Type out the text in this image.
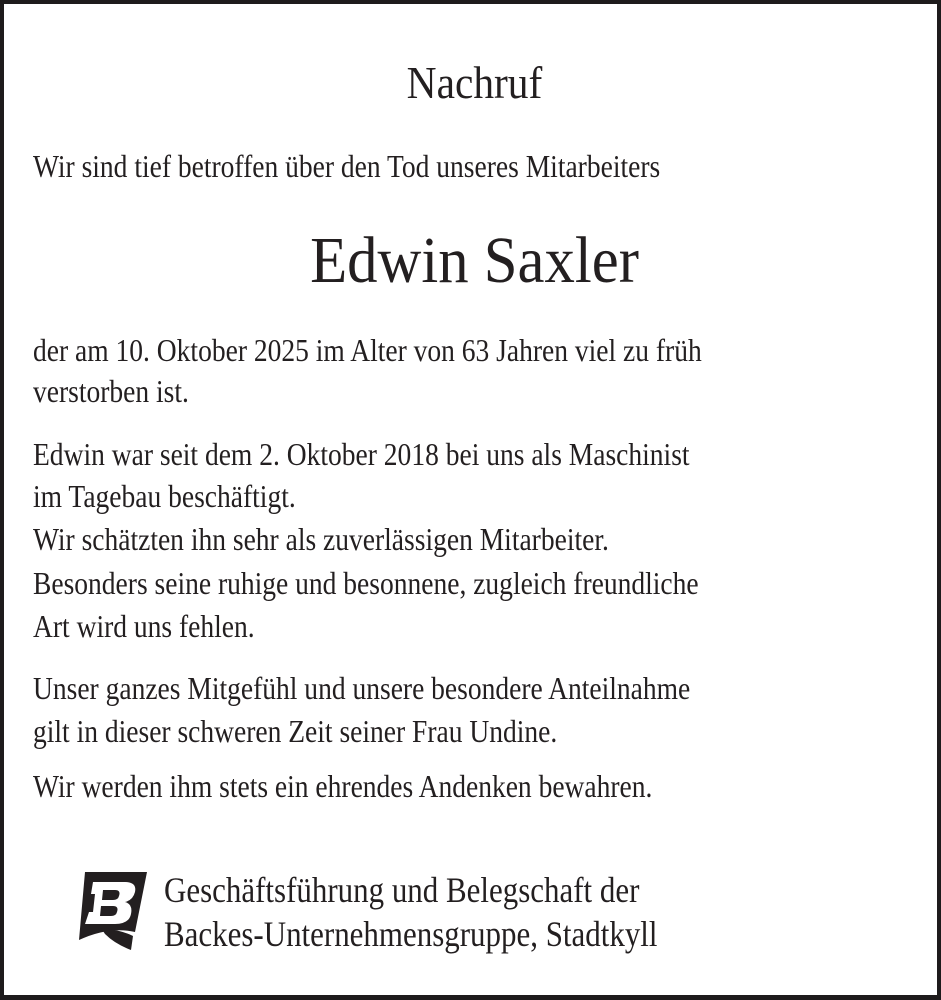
Nachruf
Wir sind tief betroffen über den Tod unseres Mitarbeiters
Edwin Saxler
der am 10. Oktober 2025 im Alter von 63 Jahren viel zu früh
verstorben ist.
Edwin war seit dem 2. Oktober 2018 bei uns als Maschinist
im Tagebau beschäftigt.
Wir schätzten ihn sehr als zuverlässigen Mitarbeiter.
Besonders seine ruhige und besonnene, zugleich freundliche
Art wird uns fehlen.
Unser ganzes Mitgefühl und unsere besondere Anteilnahme
gilt in dieser schweren Zeit seiner Frau Undine.
Wir werden ihm stets ein ehrendes Andenken bewahren.
Geschäftsführung und Belegschaft der
Backes-Unternehmensgruppe, Stadtkyll
